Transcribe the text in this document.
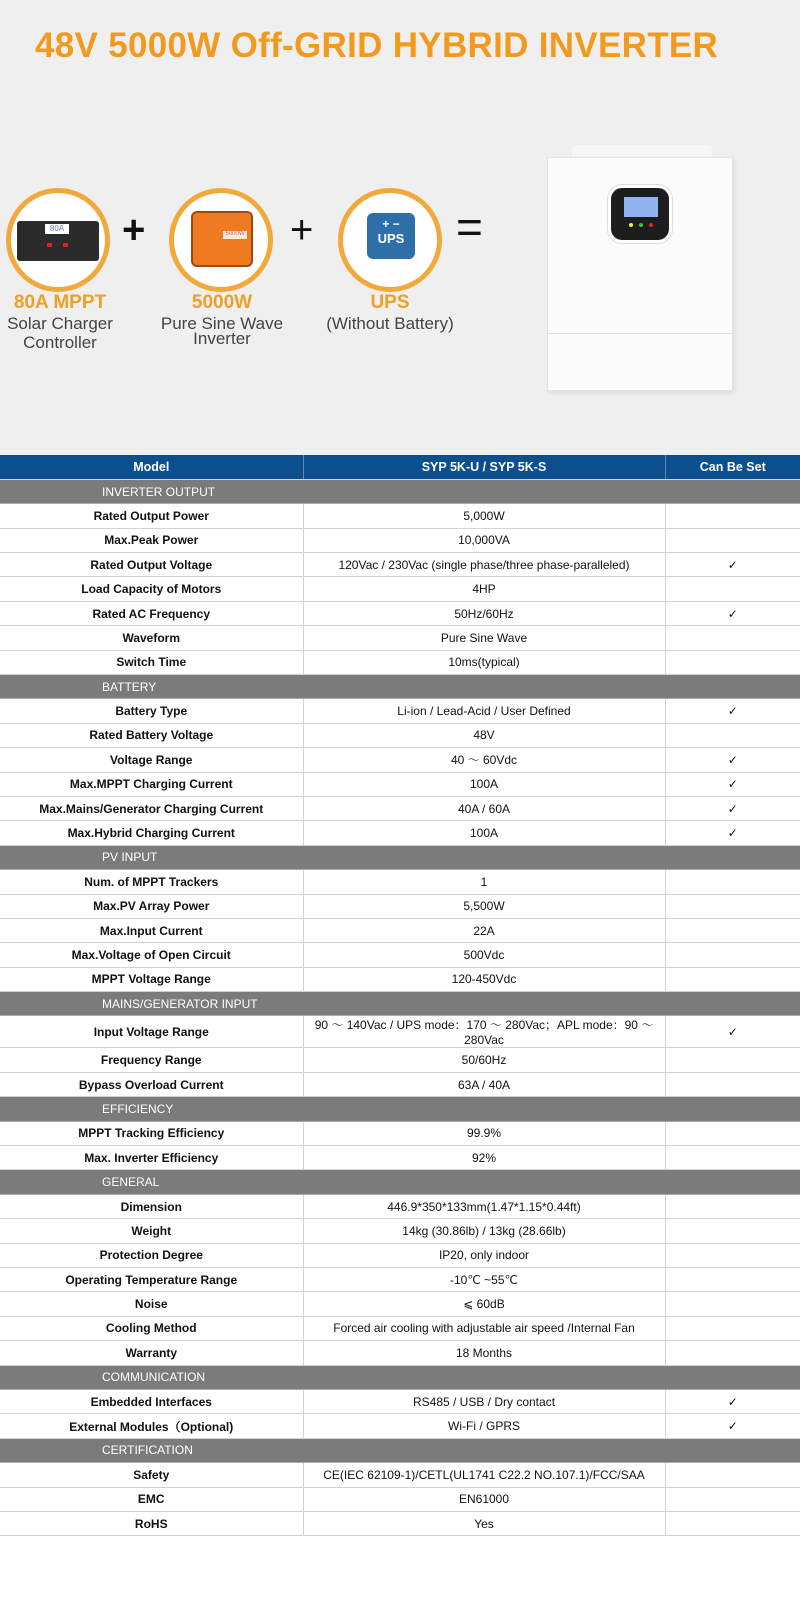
48V 5000W Off-GRID HYBRID INVERTER
80A +	5000W +	+ −
UPS =
80A MPPT
Solar Charger
Controller
5000W
Pure Sine Wave
Inverter
UPS
(Without Battery)
Model	SYP 5K-U / SYP 5K-S	Can Be Set
INVERTER OUTPUT		
Rated Output Power	5,000W	
Max.Peak Power	10,000VA	
Rated Output Voltage	120Vac / 230Vac (single phase/three phase-paralleled)	✓
Load Capacity of Motors	4HP	
Rated AC Frequency	50Hz/60Hz	✓
Waveform	Pure Sine Wave	
Switch Time	10ms(typical)	
BATTERY		
Battery Type	Li-ion / Lead-Acid / User Defined	✓
Rated Battery Voltage	48V	
Voltage Range	40 ～ 60Vdc	✓
Max.MPPT Charging Current	100A	✓
Max.Mains/Generator Charging Current	40A / 60A	✓
Max.Hybrid Charging Current	100A	✓
PV INPUT		
Num. of MPPT Trackers	1	
Max.PV Array Power	5,500W	
Max.Input Current	22A	
Max.Voltage of Open Circuit	500Vdc	
MPPT Voltage Range	120-450Vdc	
MAINS/GENERATOR INPUT		
Input Voltage Range	90 ～ 140Vac / UPS mode：170 ～ 280Vac；APL mode：90 ～ 280Vac	✓
Frequency Range	50/60Hz	
Bypass Overload Current	63A / 40A	
EFFICIENCY		
MPPT Tracking Efficiency	99.9%	
Max. Inverter Efficiency	92%	
GENERAL		
Dimension	446.9*350*133mm(1.47*1.15*0.44ft)	
Weight	14kg (30.86lb) / 13kg (28.66lb)	
Protection Degree	IP20, only indoor	
Operating Temperature Range	-10℃ ~55℃	
Noise	⩽ 60dB	
Cooling Method	Forced air cooling with adjustable air speed /Internal Fan	
Warranty	18 Months	
COMMUNICATION		
Embedded Interfaces	RS485 / USB / Dry contact	✓
External Modules（Optional)	Wi-Fi / GPRS	✓
CERTIFICATION		
Safety	CE(IEC 62109-1)/CETL(UL1741 C22.2 NO.107.1)/FCC/SAA	
EMC	EN61000	
RoHS	Yes	
